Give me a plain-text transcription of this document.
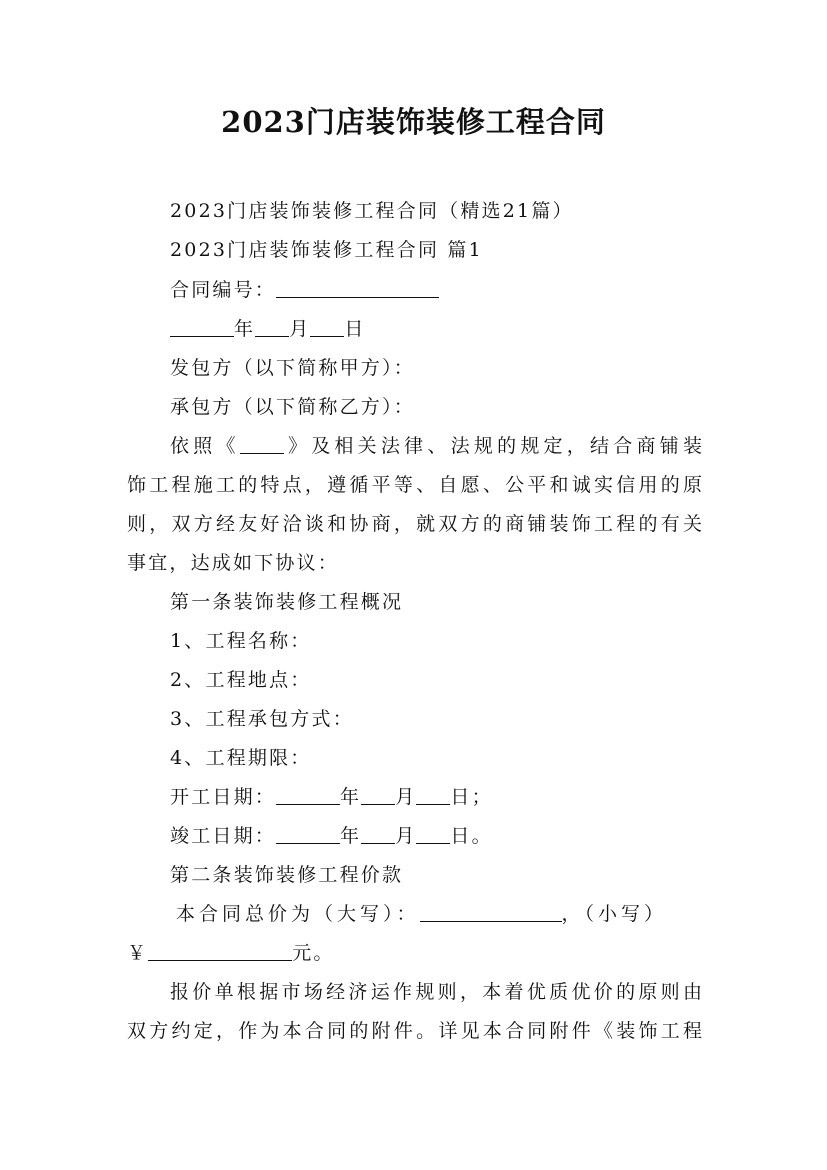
2023门店装饰装修工程合同
2023门店装饰装修工程合同（精选21篇）
2023门店装饰装修工程合同 篇1
合同编号：
年 月 日
发包方（以下简称甲方）：
承包方（以下简称乙方）：
依照《 》及相关法律、法规的规定，结合商铺装
饰工程施工的特点，遵循平等、自愿、公平和诚实信用的原
则，双方经友好洽谈和协商，就双方的商铺装饰工程的有关
事宜，达成如下协议：
第一条装饰装修工程概况
1、工程名称：
2、工程地点：
3、工程承包方式：
4、工程期限：
开工日期：	年 月 日；
竣工日期：	年 月 日。
第二条装饰装修工程价款
本合同总价为（大写）：	，（小写）
￥	元。
报价单根据市场经济运作规则，本着优质优价的原则由
双方约定，作为本合同的附件。详见本合同附件《装饰工程
